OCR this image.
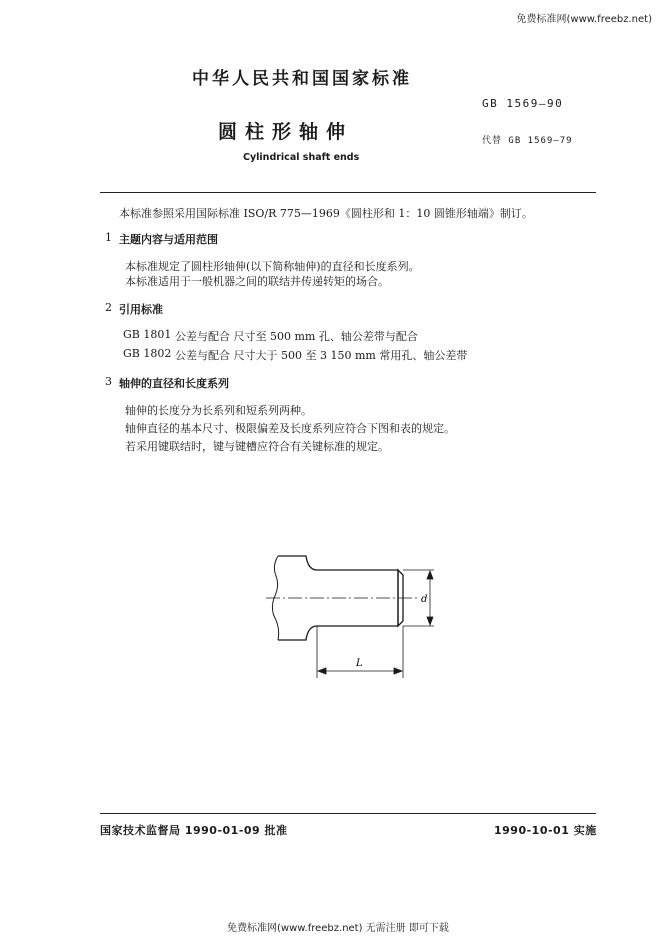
免费标准网(www.freebz.net)
中华人民共和国国家标准
GB 1569—90
圆柱形轴伸	代替 GB 1569—79
Cylindrical shaft ends
本标准参照采用国际标准 ISO/R 775—1969《圆柱形和 1：10 圆锥形轴端》制订。
1 主题内容与适用范围
本标准规定了圆柱形轴伸(以下简称轴伸)的直径和长度系列。
本标准适用于一般机器之间的联结并传递转矩的场合。
2 引用标准
GB 1801 公差与配合 尺寸至 500 mm 孔、轴公差带与配合
GB 1802 公差与配合 尺寸大于 500 至 3 150 mm 常用孔、轴公差带
3 轴伸的直径和长度系列
轴伸的长度分为长系列和短系列两种。
轴伸直径的基本尺寸、极限偏差及长度系列应符合下图和表的规定。
若采用键联结时，键与键槽应符合有关键标准的规定。
d
L
国家技术监督局 1990-01-09 批准	1990-10-01 实施
免费标准网(www.freebz.net) 无需注册 即可下载
